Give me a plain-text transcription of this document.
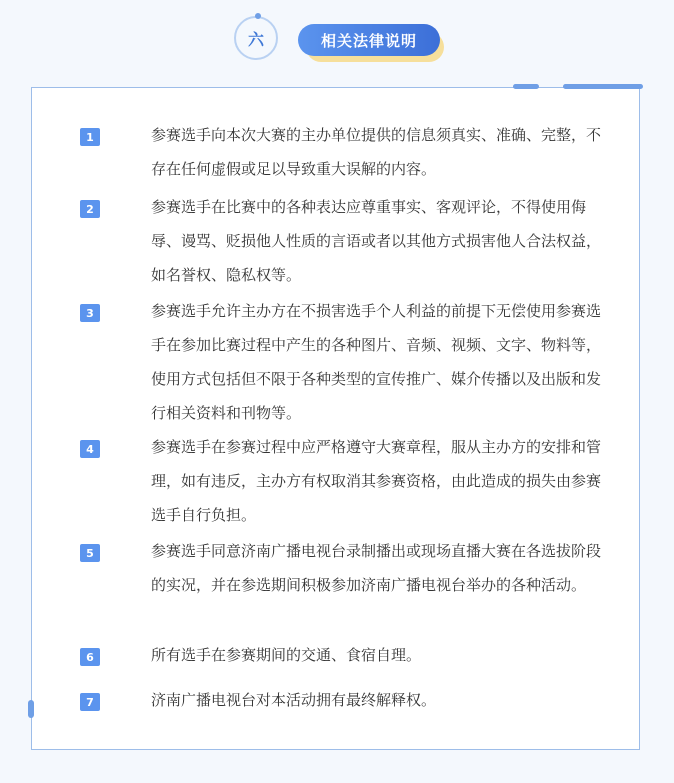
六	相关法律说明
1	参赛选手向本次大赛的主办单位提供的信息须真实、准确、完整，不存在任何虚假或足以导致重大误解的内容。
2	参赛选手在比赛中的各种表达应尊重事实、客观评论，不得使用侮辱、谩骂、贬损他人性质的言语或者以其他方式损害他人合法权益，如名誉权、隐私权等。
3	参赛选手允许主办方在不损害选手个人利益的前提下无偿使用参赛选手在参加比赛过程中产生的各种图片、音频、视频、文字、物料等，使用方式包括但不限于各种类型的宣传推广、媒介传播以及出版和发行相关资料和刊物等。
4	参赛选手在参赛过程中应严格遵守大赛章程，服从主办方的安排和管理，如有违反，主办方有权取消其参赛资格，由此造成的损失由参赛选手自行负担。
5	参赛选手同意济南广播电视台录制播出或现场直播大赛在各选拔阶段的实况，并在参选期间积极参加济南广播电视台举办的各种活动。
6	所有选手在参赛期间的交通、食宿自理。
7	济南广播电视台对本活动拥有最终解释权。
